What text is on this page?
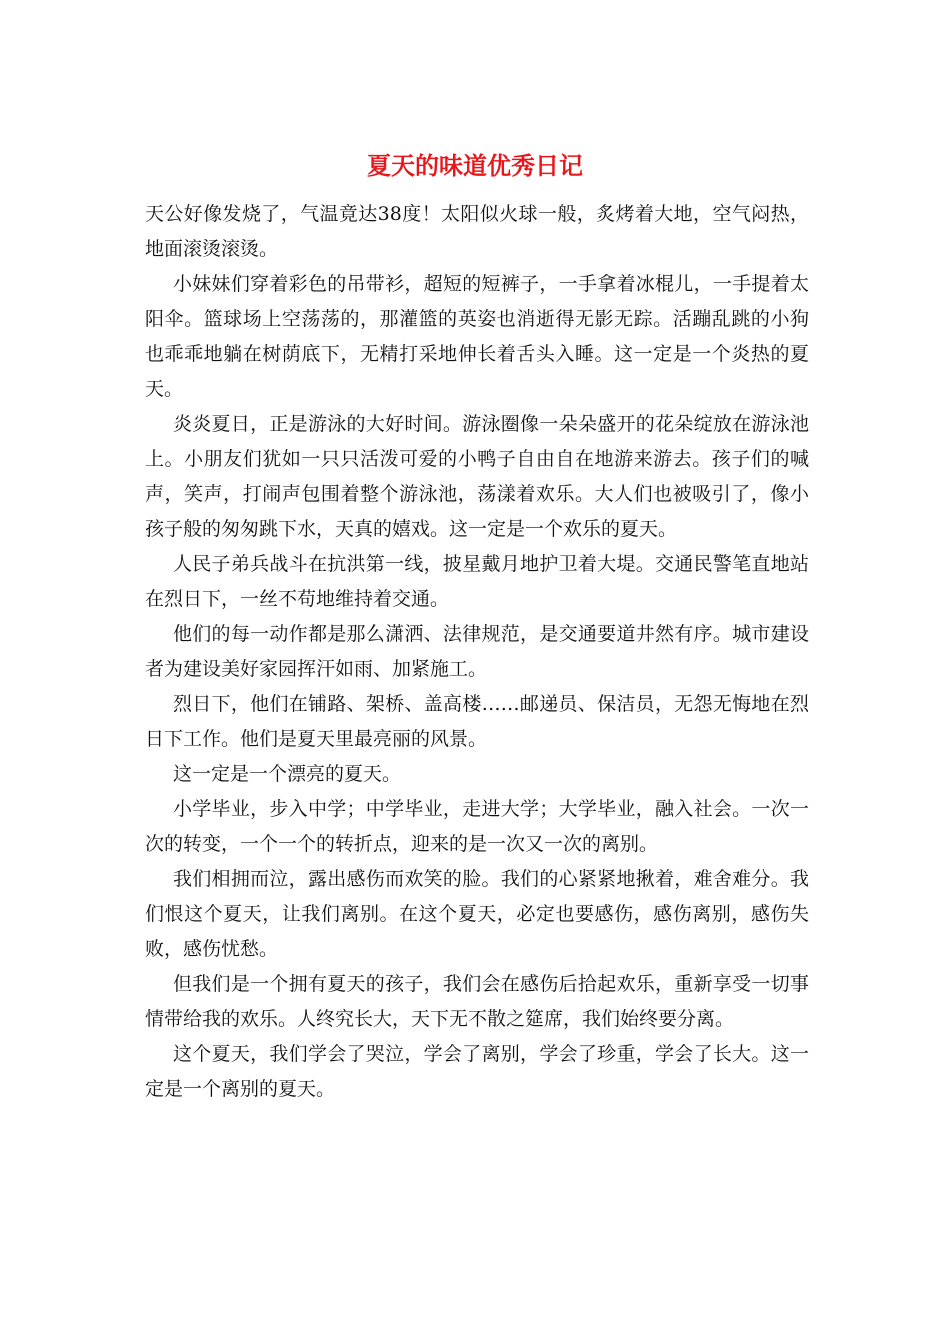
夏天的味道优秀日记

天公好像发烧了，气温竟达38度！太阳似火球一般，炙烤着大地，空气闷热，地面滚烫滚烫。

小妹妹们穿着彩色的吊带衫，超短的短裤子，一手拿着冰棍儿，一手提着太阳伞。篮球场上空荡荡的，那灌篮的英姿也消逝得无影无踪。活蹦乱跳的小狗也乖乖地躺在树荫底下，无精打采地伸长着舌头入睡。这一定是一个炎热的夏天。

炎炎夏日，正是游泳的大好时间。游泳圈像一朵朵盛开的花朵绽放在游泳池上。小朋友们犹如一只只活泼可爱的小鸭子自由自在地游来游去。孩子们的喊声，笑声，打闹声包围着整个游泳池，荡漾着欢乐。大人们也被吸引了，像小孩子般的匆匆跳下水，天真的嬉戏。这一定是一个欢乐的夏天。

人民子弟兵战斗在抗洪第一线，披星戴月地护卫着大堤。交通民警笔直地站在烈日下，一丝不苟地维持着交通。

他们的每一动作都是那么潇洒、法律规范，是交通要道井然有序。城市建设者为建设美好家园挥汗如雨、加紧施工。

烈日下，他们在铺路、架桥、盖高楼……邮递员、保洁员，无怨无悔地在烈日下工作。他们是夏天里最亮丽的风景。

这一定是一个漂亮的夏天。

小学毕业，步入中学；中学毕业，走进大学；大学毕业，融入社会。一次一次的转变，一个一个的转折点，迎来的是一次又一次的离别。

我们相拥而泣，露出感伤而欢笑的脸。我们的心紧紧地揪着，难舍难分。我们恨这个夏天，让我们离别。在这个夏天，必定也要感伤，感伤离别，感伤失败，感伤忧愁。

但我们是一个拥有夏天的孩子，我们会在感伤后拾起欢乐，重新享受一切事情带给我的欢乐。人终究长大，天下无不散之筵席，我们始终要分离。

这个夏天，我们学会了哭泣，学会了离别，学会了珍重，学会了长大。这一定是一个离别的夏天。
